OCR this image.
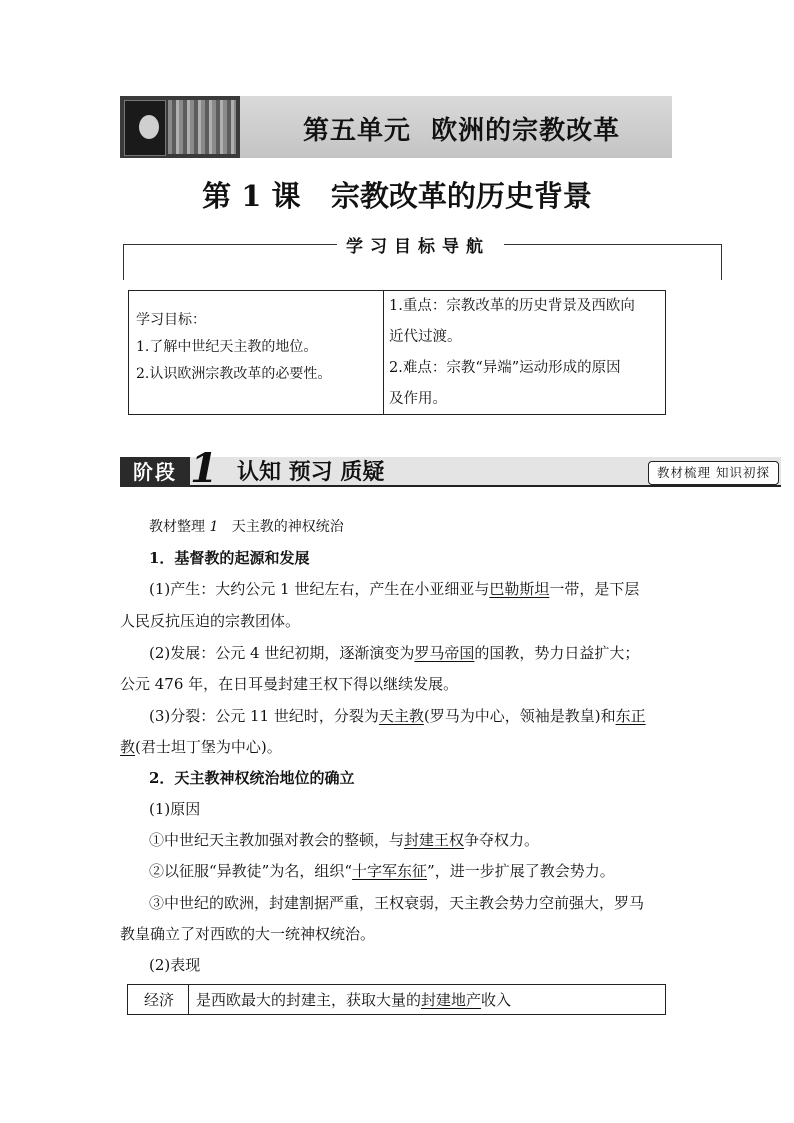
第五单元  欧洲的宗教改革
第 1 课   宗教改革的历史背景
学习目标导航

学习目标：

1.了解中世纪天主教的地位。

2.认识欧洲宗教改革的必要性。

1.重点：宗教改革的历史背景及西欧向

近代过渡。

2.难点：宗教“异端”运动形成的原因

及作用。

阶段 1 认知 预习 质疑	教材梳理 知识初探
教材整理 1 天主教的神权统治
1．基督教的起源和发展
(1)产生：大约公元 1 世纪左右，产生在小亚细亚与巴勒斯坦一带，是下层
人民反抗压迫的宗教团体。
(2)发展：公元 4 世纪初期，逐渐演变为罗马帝国的国教，势力日益扩大；
公元 476 年，在日耳曼封建王权下得以继续发展。
(3)分裂：公元 11 世纪时，分裂为天主教(罗马为中心，领袖是教皇)和东正
教(君士坦丁堡为中心)。
2．天主教神权统治地位的确立
(1)原因
①中世纪天主教加强对教会的整顿，与封建王权争夺权力。
②以征服“异教徒”为名，组织“十字军东征”，进一步扩展了教会势力。
③中世纪的欧洲，封建割据严重，王权衰弱，天主教会势力空前强大，罗马
教皇确立了对西欧的大一统神权统治。
(2)表现
经济 是西欧最大的封建主，获取大量的封建地产收入
